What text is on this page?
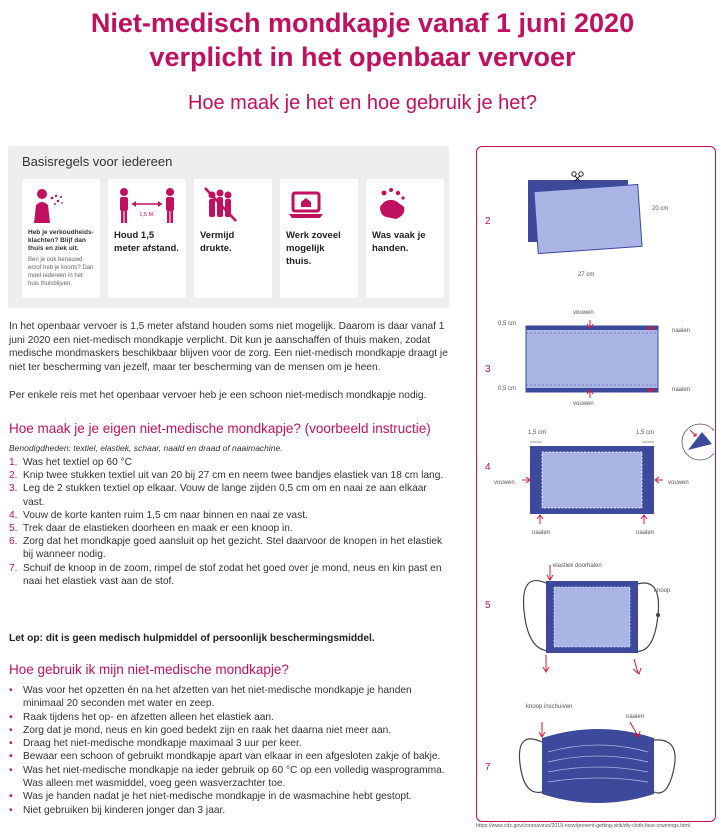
Niet-medisch mondkapje vanaf 1 juni 2020
verplicht in het openbaar vervoer
Hoe maak je het en hoe gebruik je het?
Basisregels voor iedereen
Heb je verkoudheids-klachten? Blijf dan thuis en ziek uit.
Ben je ook benauwd en/of heb je koorts? Dan moet iedereen in het huis thuisblijven.
1,5 M.
Houd 1,5 meter afstand.
Vermijd drukte.
Werk zoveel mogelijk thuis.
Was vaak je handen.
In het openbaar vervoer is 1,5 meter afstand houden soms niet mogelijk. Daarom is daar vanaf 1 juni 2020 een niet-medisch mondkapje verplicht. Dit kun je aanschaffen of thuis maken, zodat medische mondmaskers beschikbaar blijven voor de zorg. Een niet-medisch mondkapje draagt je niet ter bescherming van jezelf, maar ter bescherming van de mensen om je heen.
Per enkele reis met het openbaar vervoer heb je een schoon niet-medisch mondkapje nodig.
Hoe maak je je eigen niet-medische mondkapje? (voorbeeld instructie)
Benodigdheden: textiel, elastiek, schaar, naald en draad of naaimachine.
1. Was het textiel op 60 °C
2. Knip twee stukken textiel uit van 20 bij 27 cm en neem twee bandjes elastiek van 18 cm lang.
3. Leg de 2 stukken textiel op elkaar. Vouw de lange zijden 0,5 cm om en naai ze aan elkaar vast.
4. Vouw de korte kanten ruim 1,5 cm naar binnen en naai ze vast.
5. Trek daar de elastieken doorheen en maak er een knoop in.
6. Zorg dat het mondkapje goed aansluit op het gezicht. Stel daarvoor de knopen in het elastiek bij wanneer nodig.
7. Schuif de knoop in de zoom, rimpel de stof zodat het goed over je mond, neus en kin past en naai het elastiek vast aan de stof.
Let op: dit is geen medisch hulpmiddel of persoonlijk beschermingsmiddel.
Hoe gebruik ik mijn niet-medische mondkapje?
• Was voor het opzetten én na het afzetten van het niet-medische mondkapje je handen minimaal 20 seconden met water en zeep.
• Raak tijdens het op- en afzetten alleen het elastiek aan.
• Zorg dat je mond, neus en kin goed bedekt zijn en raak het daarna niet meer aan.
• Draag het niet-medische mondkapje maximaal 3 uur per keer.
• Bewaar een schoon of gebruikt mondkapje apart van elkaar in een afgesloten zakje of bakje.
• Was het niet-medische mondkapje na ieder gebruik op 60 °C op een volledig wasprogramma. Was alleen met wasmiddel, voeg geen wasverzachter toe.
• Was je handen nadat je het niet-medische mondkapje in de wasmachine hebt gestopt.
• Niet gebruiken bij kinderen jonger dan 3 jaar.
2
20 cm
27 cm
3
vouwen
vouwen
0,5 cm
0,5 cm
naaien
naaien
4
1,5 cm	1,5 cm
vouwen	vouwen
naaien	naaien
5
elastiek doorhalen
knoop
7
knoop inschuiven
naaien
https://www.cdc.gov/coronavirus/2019-ncov/prevent-getting-sick/diy-cloth-face-coverings.html
